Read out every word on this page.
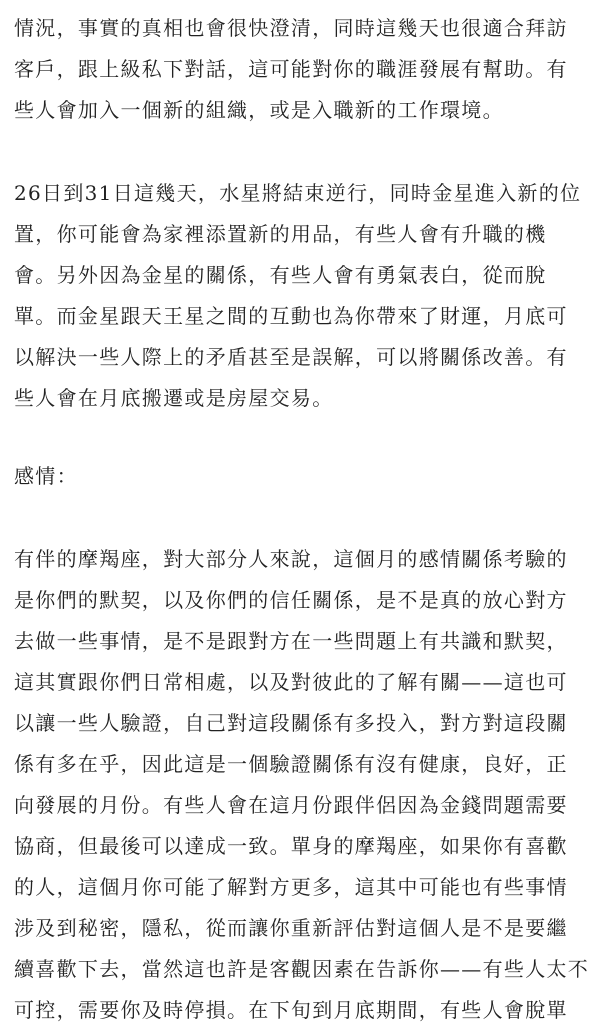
情況，事實的真相也會很快澄清，同時這幾天也很適合拜訪
客戶，跟上級私下對話，這可能對你的職涯發展有幫助。有
些人會加入一個新的組織，或是入職新的工作環境。

26日到31日這幾天，水星將結束逆行，同時金星進入新的位
置，你可能會為家裡添置新的用品，有些人會有升職的機
會。另外因為金星的關係，有些人會有勇氣表白，從而脫
單。而金星跟天王星之間的互動也為你帶來了財運，月底可
以解決一些人際上的矛盾甚至是誤解，可以將關係改善。有
些人會在月底搬遷或是房屋交易。

感情：

有伴的摩羯座，對大部分人來說，這個月的感情關係考驗的
是你們的默契，以及你們的信任關係，是不是真的放心對方
去做一些事情，是不是跟對方在一些問題上有共識和默契，
這其實跟你們日常相處，以及對彼此的了解有關——這也可
以讓一些人驗證，自己對這段關係有多投入，對方對這段關
係有多在乎，因此這是一個驗證關係有沒有健康，良好，正
向發展的月份。有些人會在這月份跟伴侶因為金錢問題需要
協商，但最後可以達成一致。單身的摩羯座，如果你有喜歡
的人，這個月你可能了解對方更多，這其中可能也有些事情
涉及到秘密，隱私，從而讓你重新評估對這個人是不是要繼
續喜歡下去，當然這也許是客觀因素在告訴你——有些人太不
可控，需要你及時停損。在下旬到月底期間，有些人會脫單
